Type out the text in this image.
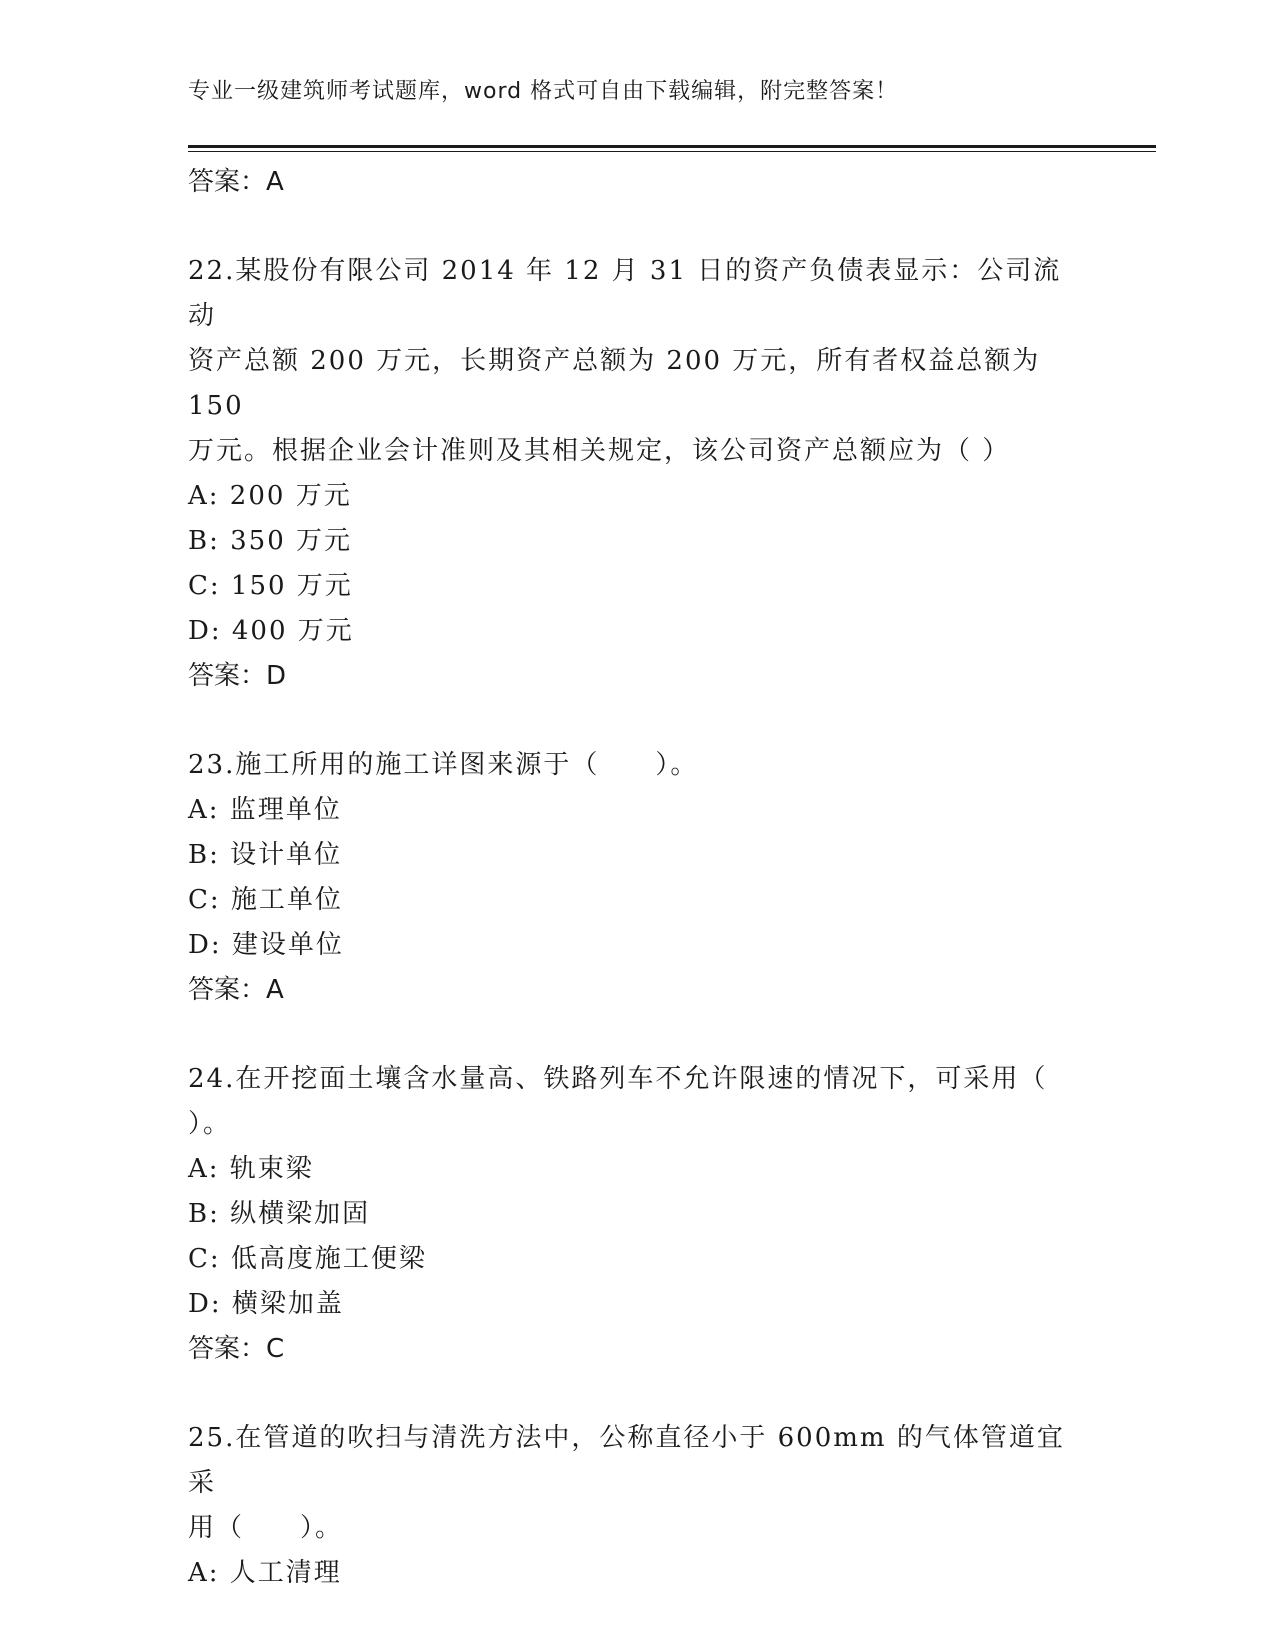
专业一级建筑师考试题库，word 格式可自由下载编辑，附完整答案！
答案：A

22.某股份有限公司 2014 年 12 月 31 日的资产负债表显示：公司流动
资产总额 200 万元，长期资产总额为 200 万元，所有者权益总额为 150
万元。根据企业会计准则及其相关规定，该公司资产总额应为（ ）

A: 200 万元
B: 350 万元
C: 150 万元
D: 400 万元
答案：D

23.施工所用的施工详图来源于（　　）。

A: 监理单位
B: 设计单位
C: 施工单位
D: 建设单位
答案：A

24.在开挖面土壤含水量高、铁路列车不允许限速的情况下，可采用（
）。

A: 轨束梁
B: 纵横梁加固
C: 低高度施工便梁
D: 横梁加盖
答案：C

25.在管道的吹扫与清洗方法中，公称直径小于 600mm 的气体管道宜采
用（　　）。

A: 人工清理
